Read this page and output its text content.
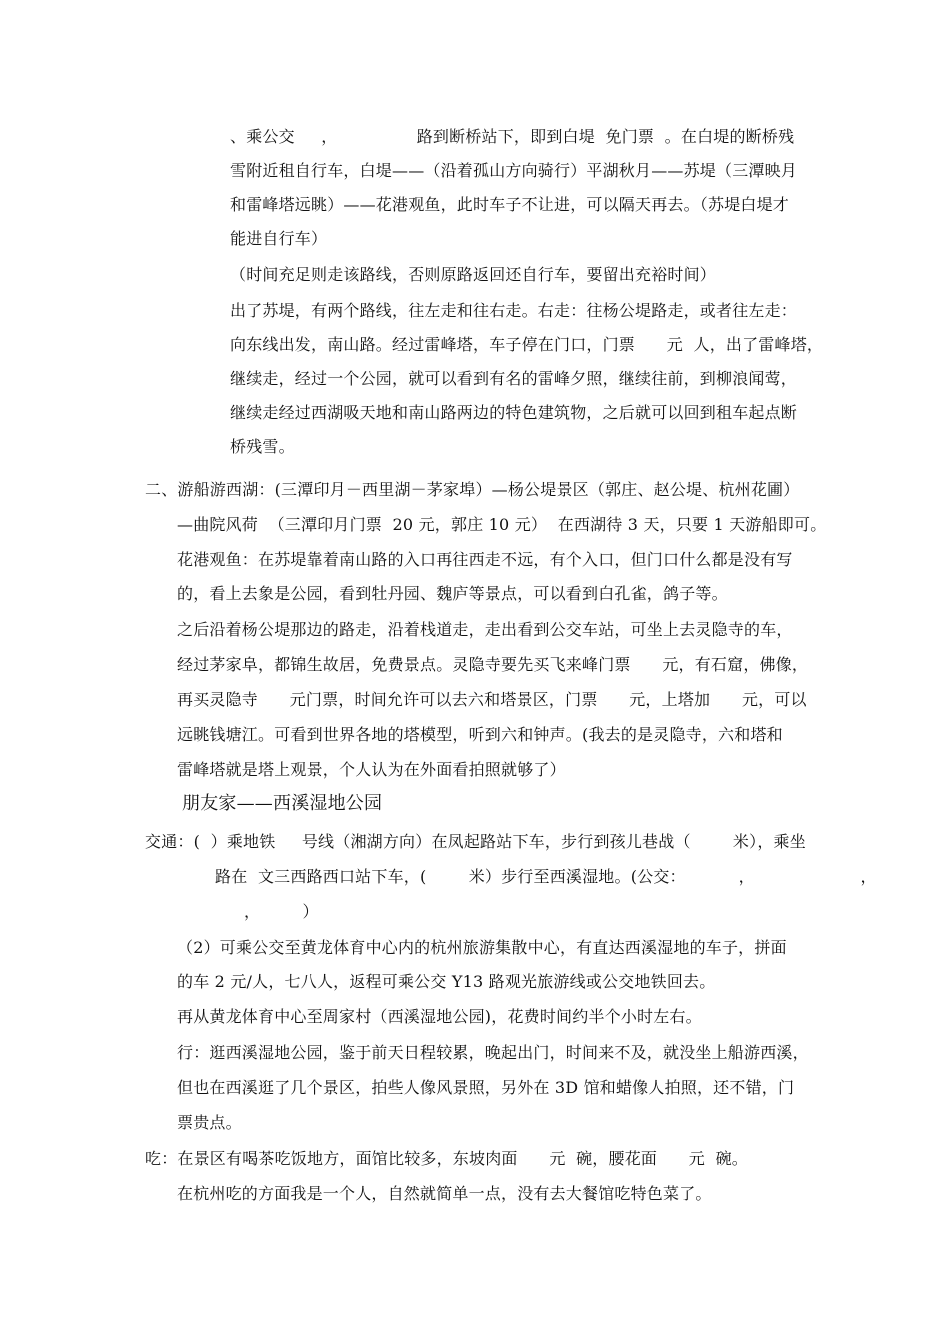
、乘公交     ，               路到断桥站下，即到白堤  免门票  。在白堤的断桥残
雪附近租自行车，白堤——（沿着孤山方向骑行）平湖秋月——苏堤（三潭映月
和雷峰塔远眺）——花港观鱼，此时车子不让进，可以隔天再去。（苏堤白堤才
能进自行车）
（时间充足则走该路线，否则原路返回还自行车，要留出充裕时间）
出了苏堤，有两个路线，往左走和往右走。右走：往杨公堤路走，或者往左走：
向东线出发，南山路。经过雷峰塔，车子停在门口，门票      元  人，出了雷峰塔，
继续走，经过一个公园，就可以看到有名的雷峰夕照，继续往前，到柳浪闻莺，
继续走经过西湖吸天地和南山路两边的特色建筑物，之后就可以回到租车起点断
桥残雪。
二、游船游西湖：(三潭印月－西里湖－茅家埠）—杨公堤景区（郭庄、赵公堤、杭州花圃）
—曲院风荷  （三潭印月门票  20 元，郭庄 10 元）  在西湖待 3 天，只要 1 天游船即可。
花港观鱼：在苏堤靠着南山路的入口再往西走不远，有个入口，但门口什么都是没有写
的，看上去象是公园，看到牡丹园、魏庐等景点，可以看到白孔雀，鸽子等。
之后沿着杨公堤那边的路走，沿着栈道走，走出看到公交车站，可坐上去灵隐寺的车，
经过茅家阜，都锦生故居，免费景点。灵隐寺要先买飞来峰门票      元，有石窟，佛像，
再买灵隐寺      元门票，时间允许可以去六和塔景区，门票      元，上塔加      元，可以
远眺钱塘江。可看到世界各地的塔模型，听到六和钟声。(我去的是灵隐寺，六和塔和
雷峰塔就是塔上观景，个人认为在外面看拍照就够了）
朋友家——西溪湿地公园
交通：(  ）乘地铁     号线（湘湖方向）在凤起路站下车，步行到孩儿巷战（        米），乘坐
路在  文三西路西口站下车，(        米）步行至西溪湿地。(公交：          ，                    ，
，        ）
（2）可乘公交至黄龙体育中心内的杭州旅游集散中心，有直达西溪湿地的车子，拼面
的车 2 元/人，七八人，返程可乘公交 Y13 路观光旅游线或公交地铁回去。
再从黄龙体育中心至周家村（西溪湿地公园)，花费时间约半个小时左右。
行：逛西溪湿地公园，鉴于前天日程较累，晚起出门，时间来不及，就没坐上船游西溪，
但也在西溪逛了几个景区，拍些人像风景照，另外在 3D 馆和蜡像人拍照，还不错，门
票贵点。
吃：在景区有喝茶吃饭地方，面馆比较多，东坡肉面      元  碗，腰花面      元  碗。
在杭州吃的方面我是一个人，自然就简单一点，没有去大餐馆吃特色菜了。
